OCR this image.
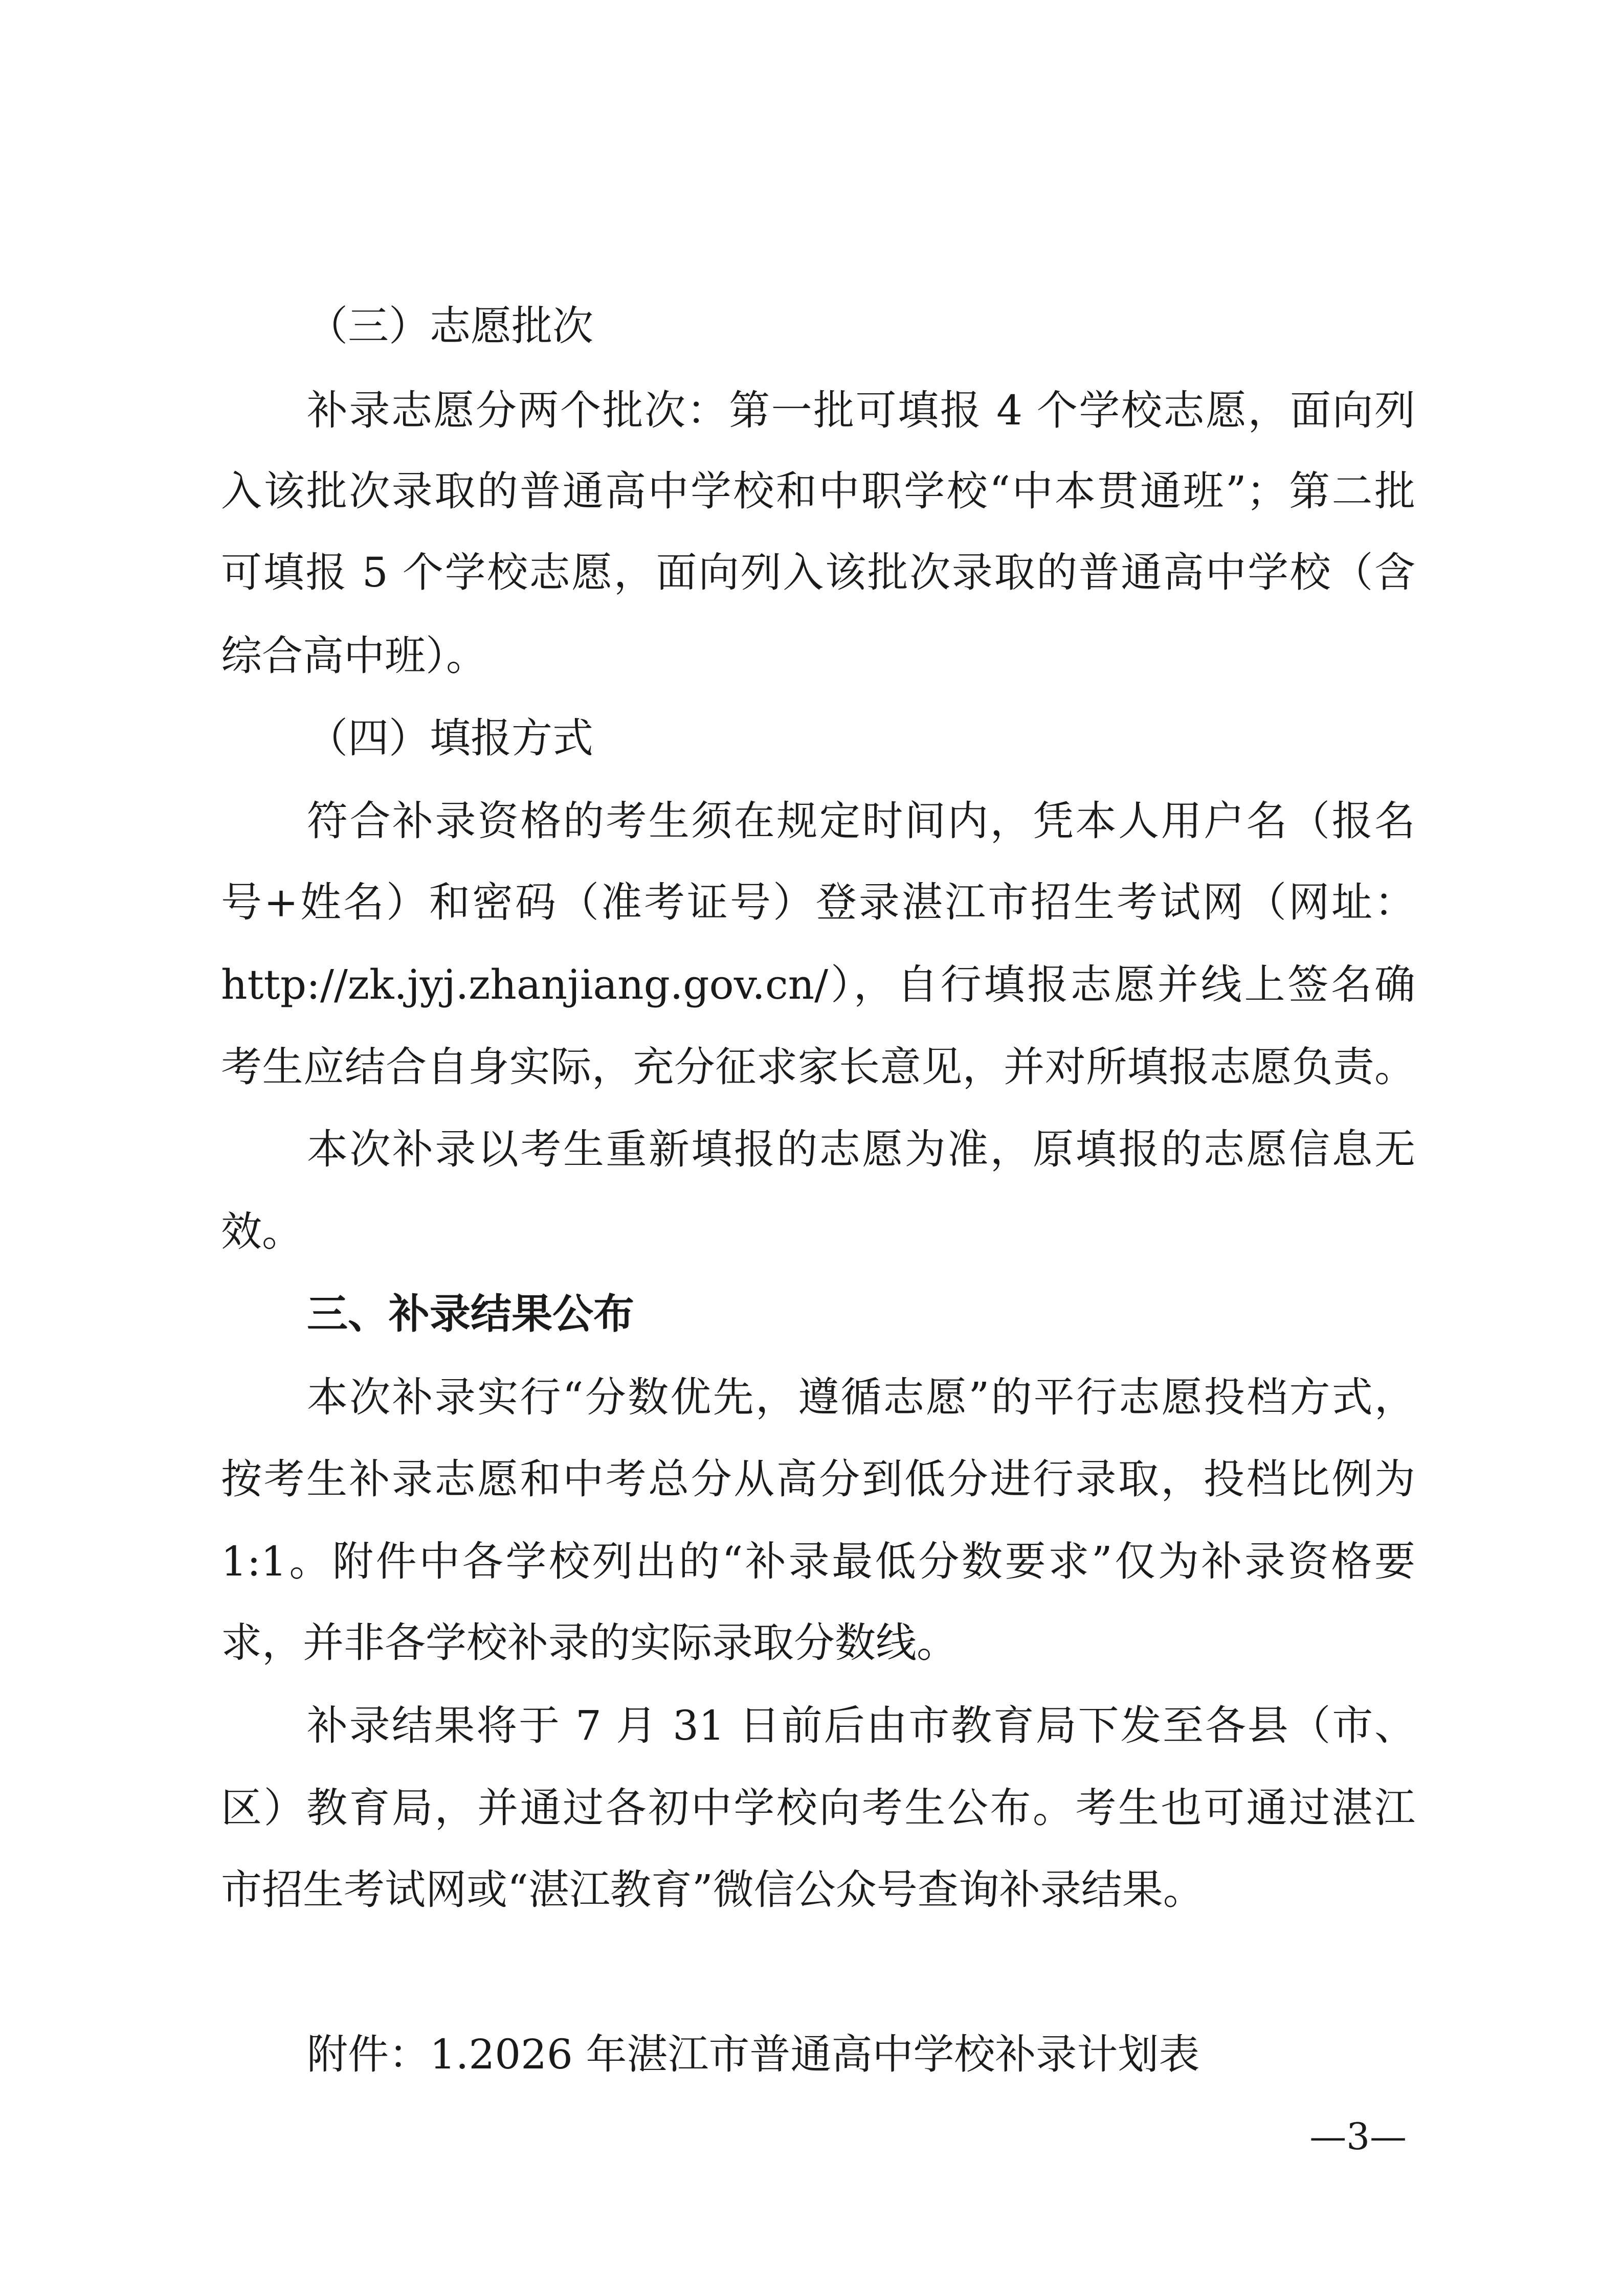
（三）志愿批次
补录志愿分两个批次：第一批可填报 4 个学校志愿，面向列
入该批次录取的普通高中学校和中职学校“中本贯通班”；第二批
可填报 5 个学校志愿，面向列入该批次录取的普通高中学校（含
综合高中班）。
（四）填报方式
符合补录资格的考生须在规定时间内，凭本人用户名（报名
号+姓名）和密码（准考证号）登录湛江市招生考试网（网址：
http://zk.jyj.zhanjiang.gov.cn/），自行填报志愿并线上签名确
考生应结合自身实际，充分征求家长意见，并对所填报志愿负责。
本次补录以考生重新填报的志愿为准，原填报的志愿信息无
效。
三、补录结果公布
本次补录实行“分数优先，遵循志愿”的平行志愿投档方式，
按考生补录志愿和中考总分从高分到低分进行录取，投档比例为
1:1。附件中各学校列出的“补录最低分数要求”仅为补录资格要
求，并非各学校补录的实际录取分数线。
补录结果将于 7 月 31 日前后由市教育局下发至各县（市、
区）教育局，并通过各初中学校向考生公布。考生也可通过湛江
市招生考试网或“湛江教育”微信公众号查询补录结果。
附件：1.2026 年湛江市普通高中学校补录计划表
—3—
